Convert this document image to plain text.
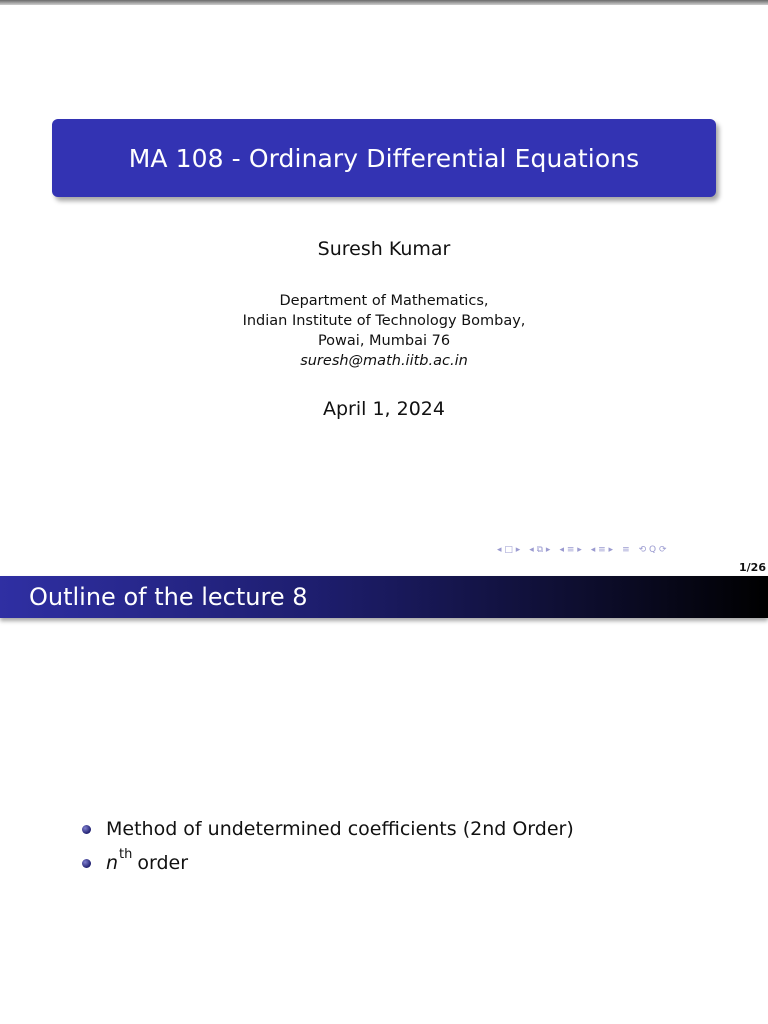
MA 108 - Ordinary Differential Equations
Suresh Kumar
Department of Mathematics,
Indian Institute of Technology Bombay,
Powai, Mumbai 76
suresh@math.iitb.ac.in
April 1, 2024
◂ □ ▸ ◂ ⧉ ▸ ◂ ≡ ▸ ◂ ≡ ▸ ≡ ⟲ Q ⟳
1/26
Outline of the lecture 8
Method of undetermined coefficients (2nd Order)
n th order
